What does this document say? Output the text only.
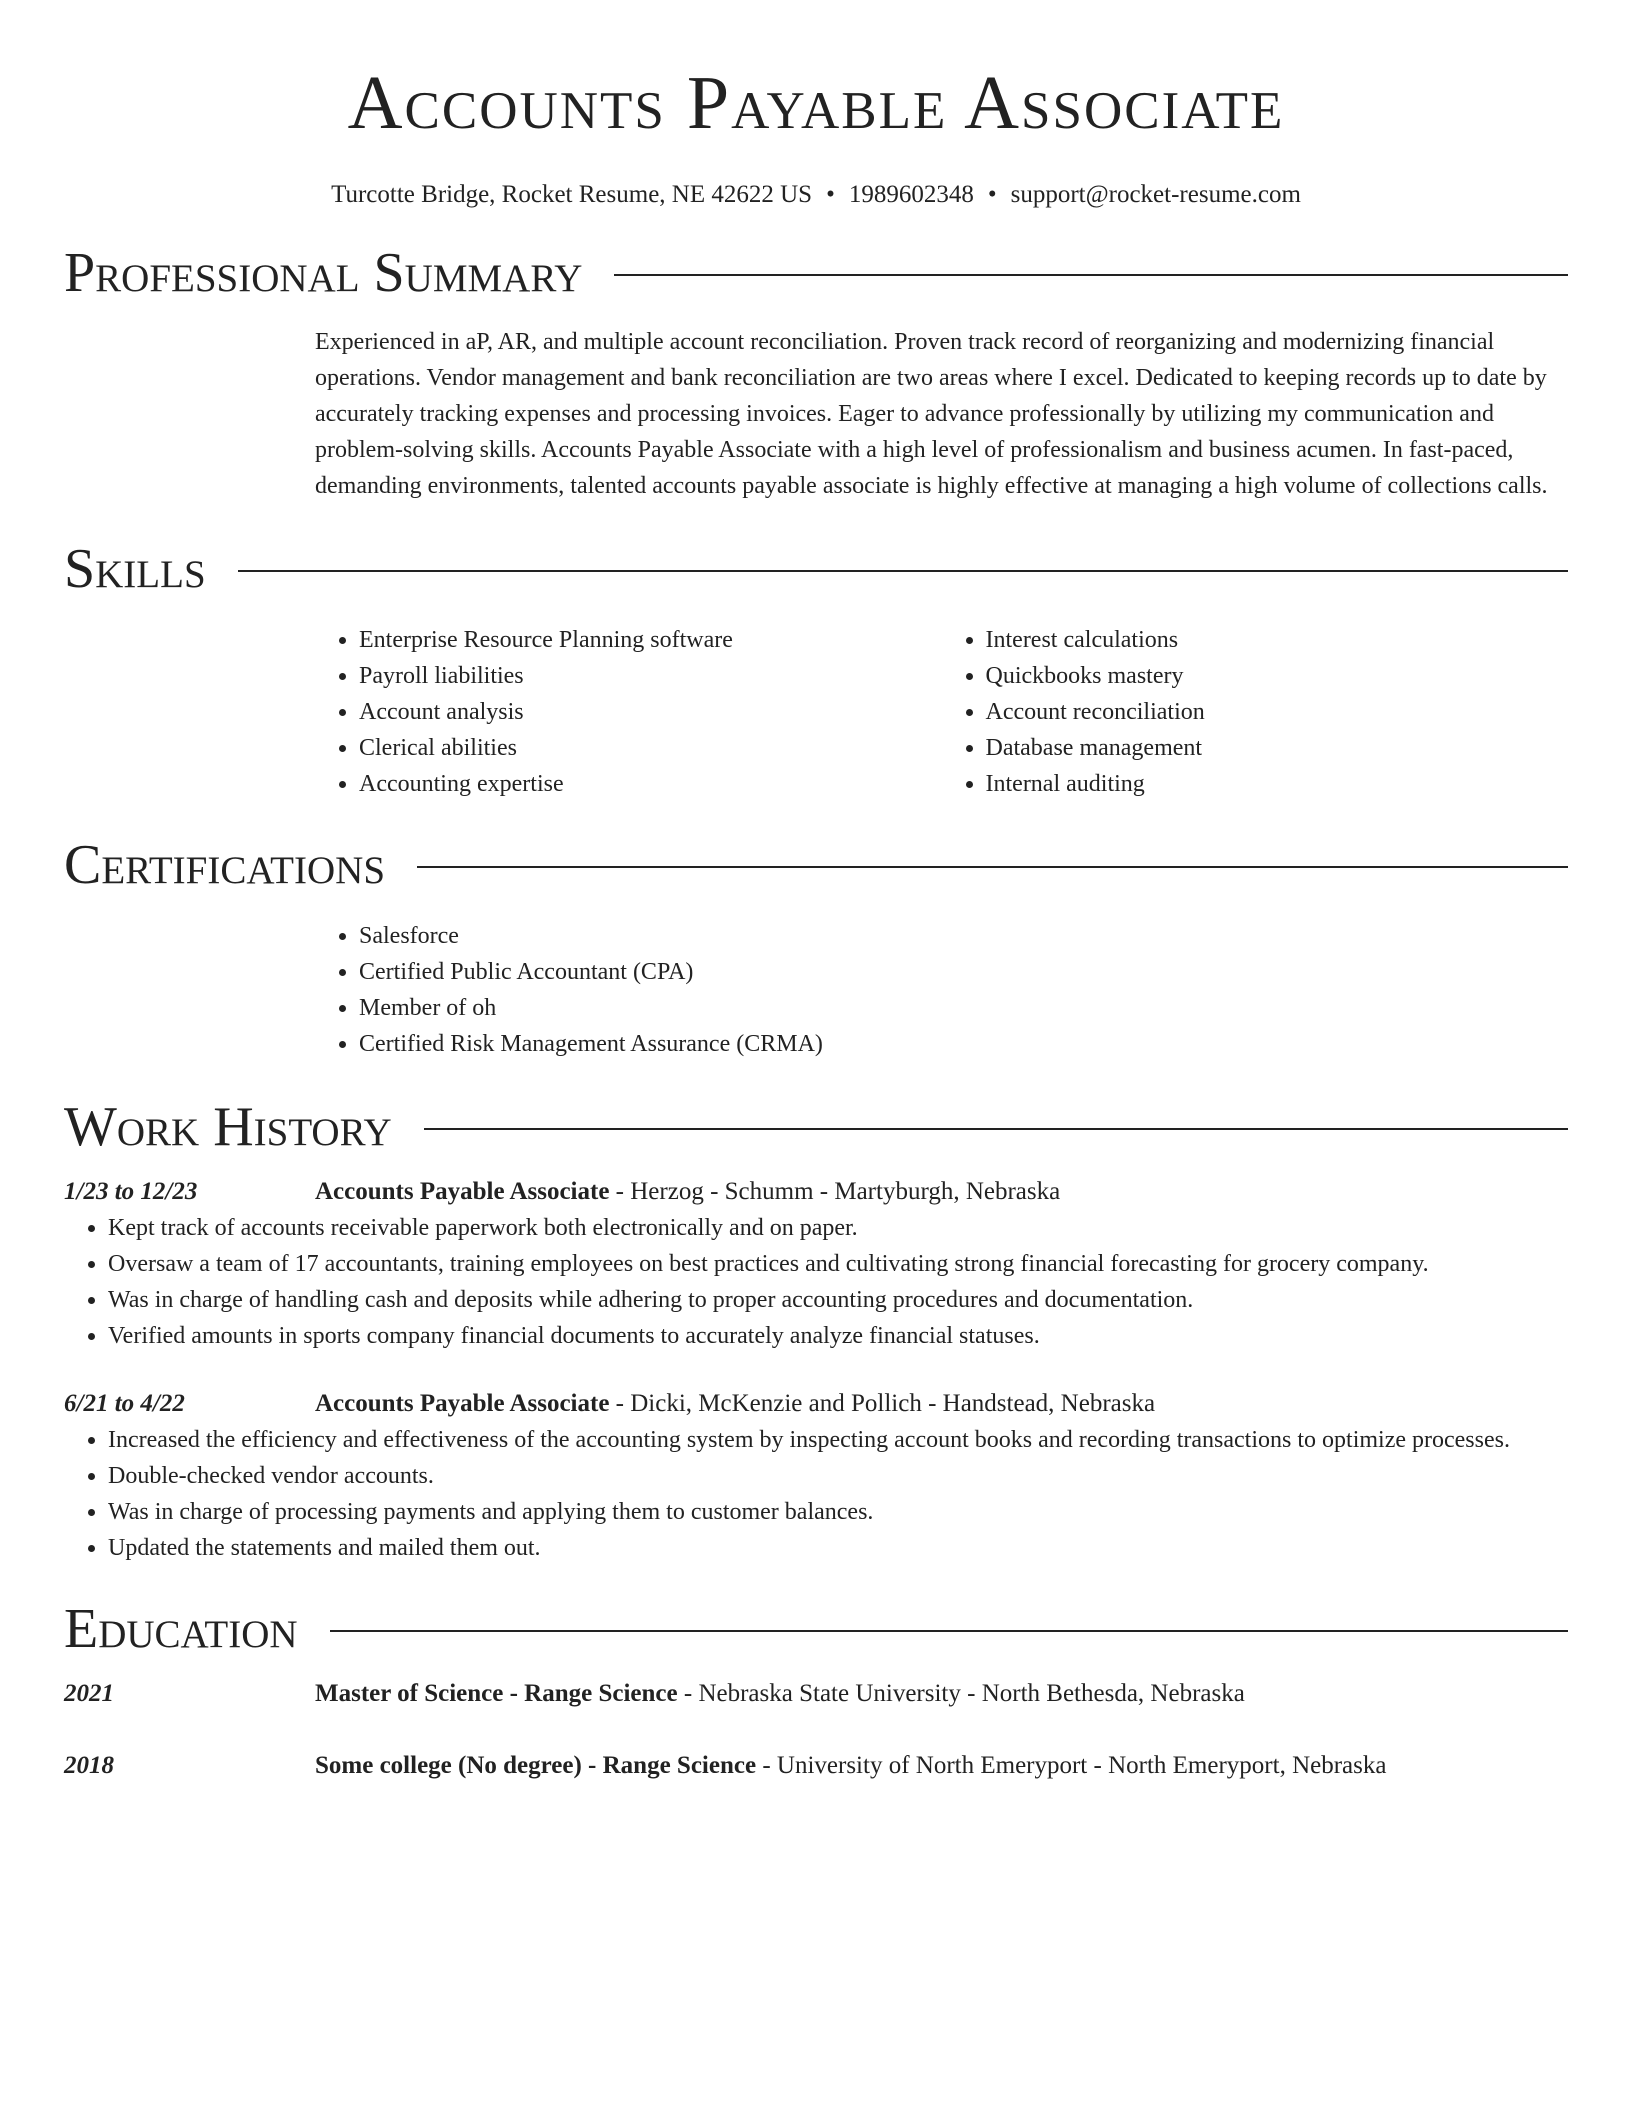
Accounts Payable Associate
Turcotte Bridge, Rocket Resume, NE 42622 US • 1989602348 • support@rocket-resume.com
Professional Summary

Experienced in aP, AR, and multiple account reconciliation. Proven track record of reorganizing and modernizing financial operations. Vendor management and bank reconciliation are two areas where I excel. Dedicated to keeping records up to date by accurately tracking expenses and processing invoices. Eager to advance professionally by utilizing my communication and problem-solving skills. Accounts Payable Associate with a high level of professionalism and business acumen. In fast-paced, demanding environments, talented accounts payable associate is highly effective at managing a high volume of collections calls.

Skills
• Enterprise Resource Planning software
• Payroll liabilities
• Account analysis
• Clerical abilities
• Accounting expertise
• Interest calculations
• Quickbooks mastery
• Account reconciliation
• Database management
• Internal auditing
Certifications
• Salesforce
• Certified Public Accountant (CPA)
• Member of oh
• Certified Risk Management Assurance (CRMA)
Work History
1/23 to 12/23	Accounts Payable Associate - Herzog - Schumm - Martyburgh, Nebraska
• Kept track of accounts receivable paperwork both electronically and on paper.
• Oversaw a team of 17 accountants, training employees on best practices and cultivating strong financial forecasting for grocery company.
• Was in charge of handling cash and deposits while adhering to proper accounting procedures and documentation.
• Verified amounts in sports company financial documents to accurately analyze financial statuses.
6/21 to 4/22	Accounts Payable Associate - Dicki, McKenzie and Pollich - Handstead, Nebraska
• Increased the efficiency and effectiveness of the accounting system by inspecting account books and recording transactions to optimize processes.
• Double-checked vendor accounts.
• Was in charge of processing payments and applying them to customer balances.
• Updated the statements and mailed them out.
Education
2021	Master of Science - Range Science - Nebraska State University - North Bethesda, Nebraska
2018	Some college (No degree) - Range Science - University of North Emeryport - North Emeryport, Nebraska
